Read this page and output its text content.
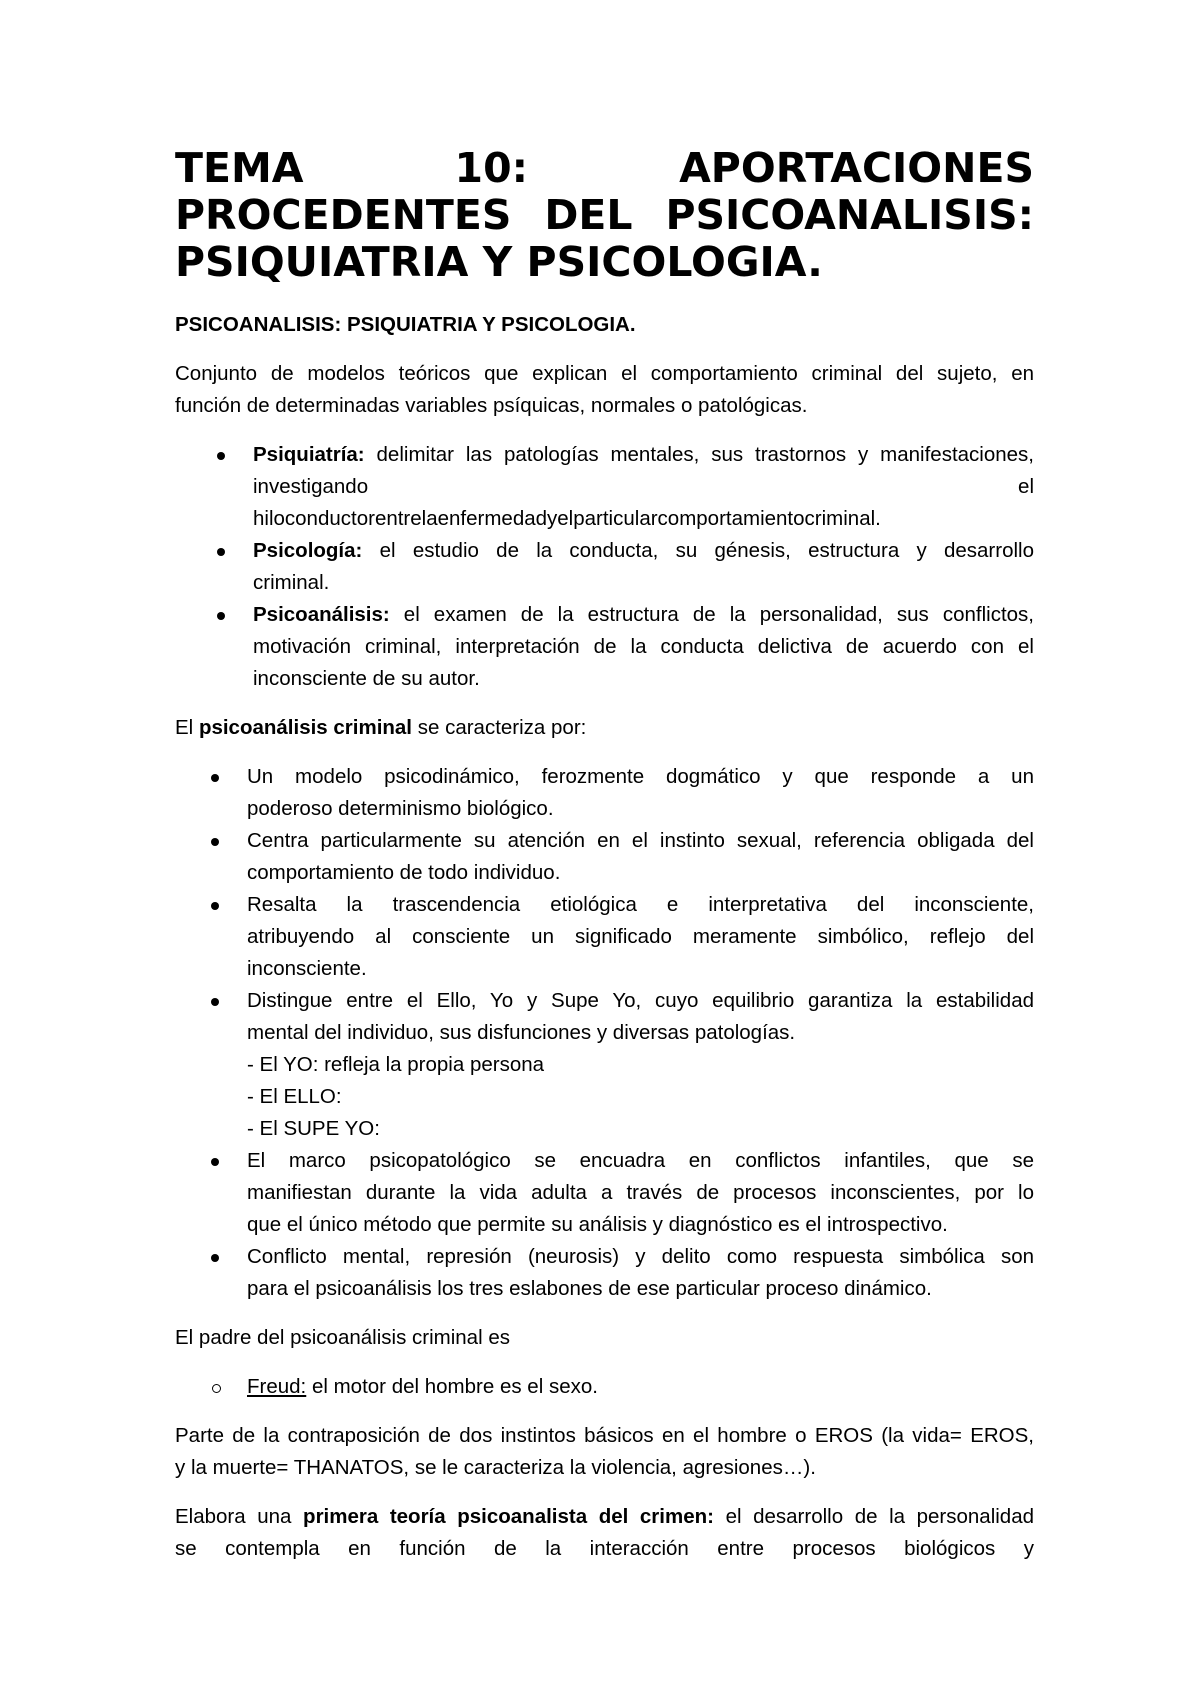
TEMA 10: APORTACIONES
PROCEDENTES DEL PSICOANALISIS:
PSIQUIATRIA Y PSICOLOGIA.
PSICOANALISIS: PSIQUIATRIA Y PSICOLOGIA.
Conjunto de modelos teóricos que explican el comportamiento criminal del sujeto, en
función de determinadas variables psíquicas, normales o patológicas.
Psiquiatría: delimitar las patologías mentales, sus trastornos y manifestaciones,
investigando el
hiloconductorentrelaenfermedadyelparticularcomportamientocriminal.
Psicología: el estudio de la conducta, su génesis, estructura y desarrollo
criminal.
Psicoanálisis: el examen de la estructura de la personalidad, sus conflictos,
motivación criminal, interpretación de la conducta delictiva de acuerdo con el
inconsciente de su autor.
El psicoanálisis criminal se caracteriza por:
Un modelo psicodinámico, ferozmente dogmático y que responde a un
poderoso determinismo biológico.
Centra particularmente su atención en el instinto sexual, referencia obligada del
comportamiento de todo individuo.
Resalta la trascendencia etiológica e interpretativa del inconsciente,
atribuyendo al consciente un significado meramente simbólico, reflejo del
inconsciente.
Distingue entre el Ello, Yo y Supe Yo, cuyo equilibrio garantiza la estabilidad
mental del individuo, sus disfunciones y diversas patologías.
- El YO: refleja la propia persona
- El ELLO:
- El SUPE YO:
El marco psicopatológico se encuadra en conflictos infantiles, que se
manifiestan durante la vida adulta a través de procesos inconscientes, por lo
que el único método que permite su análisis y diagnóstico es el introspectivo.
Conflicto mental, represión (neurosis) y delito como respuesta simbólica son
para el psicoanálisis los tres eslabones de ese particular proceso dinámico.
El padre del psicoanálisis criminal es
Freud: el motor del hombre es el sexo.
Parte de la contraposición de dos instintos básicos en el hombre o EROS (la vida= EROS,
y la muerte= THANATOS, se le caracteriza la violencia, agresiones…).
Elabora una primera teoría psicoanalista del crimen: el desarrollo de la personalidad
se contempla en función de la interacción entre procesos biológicos y
